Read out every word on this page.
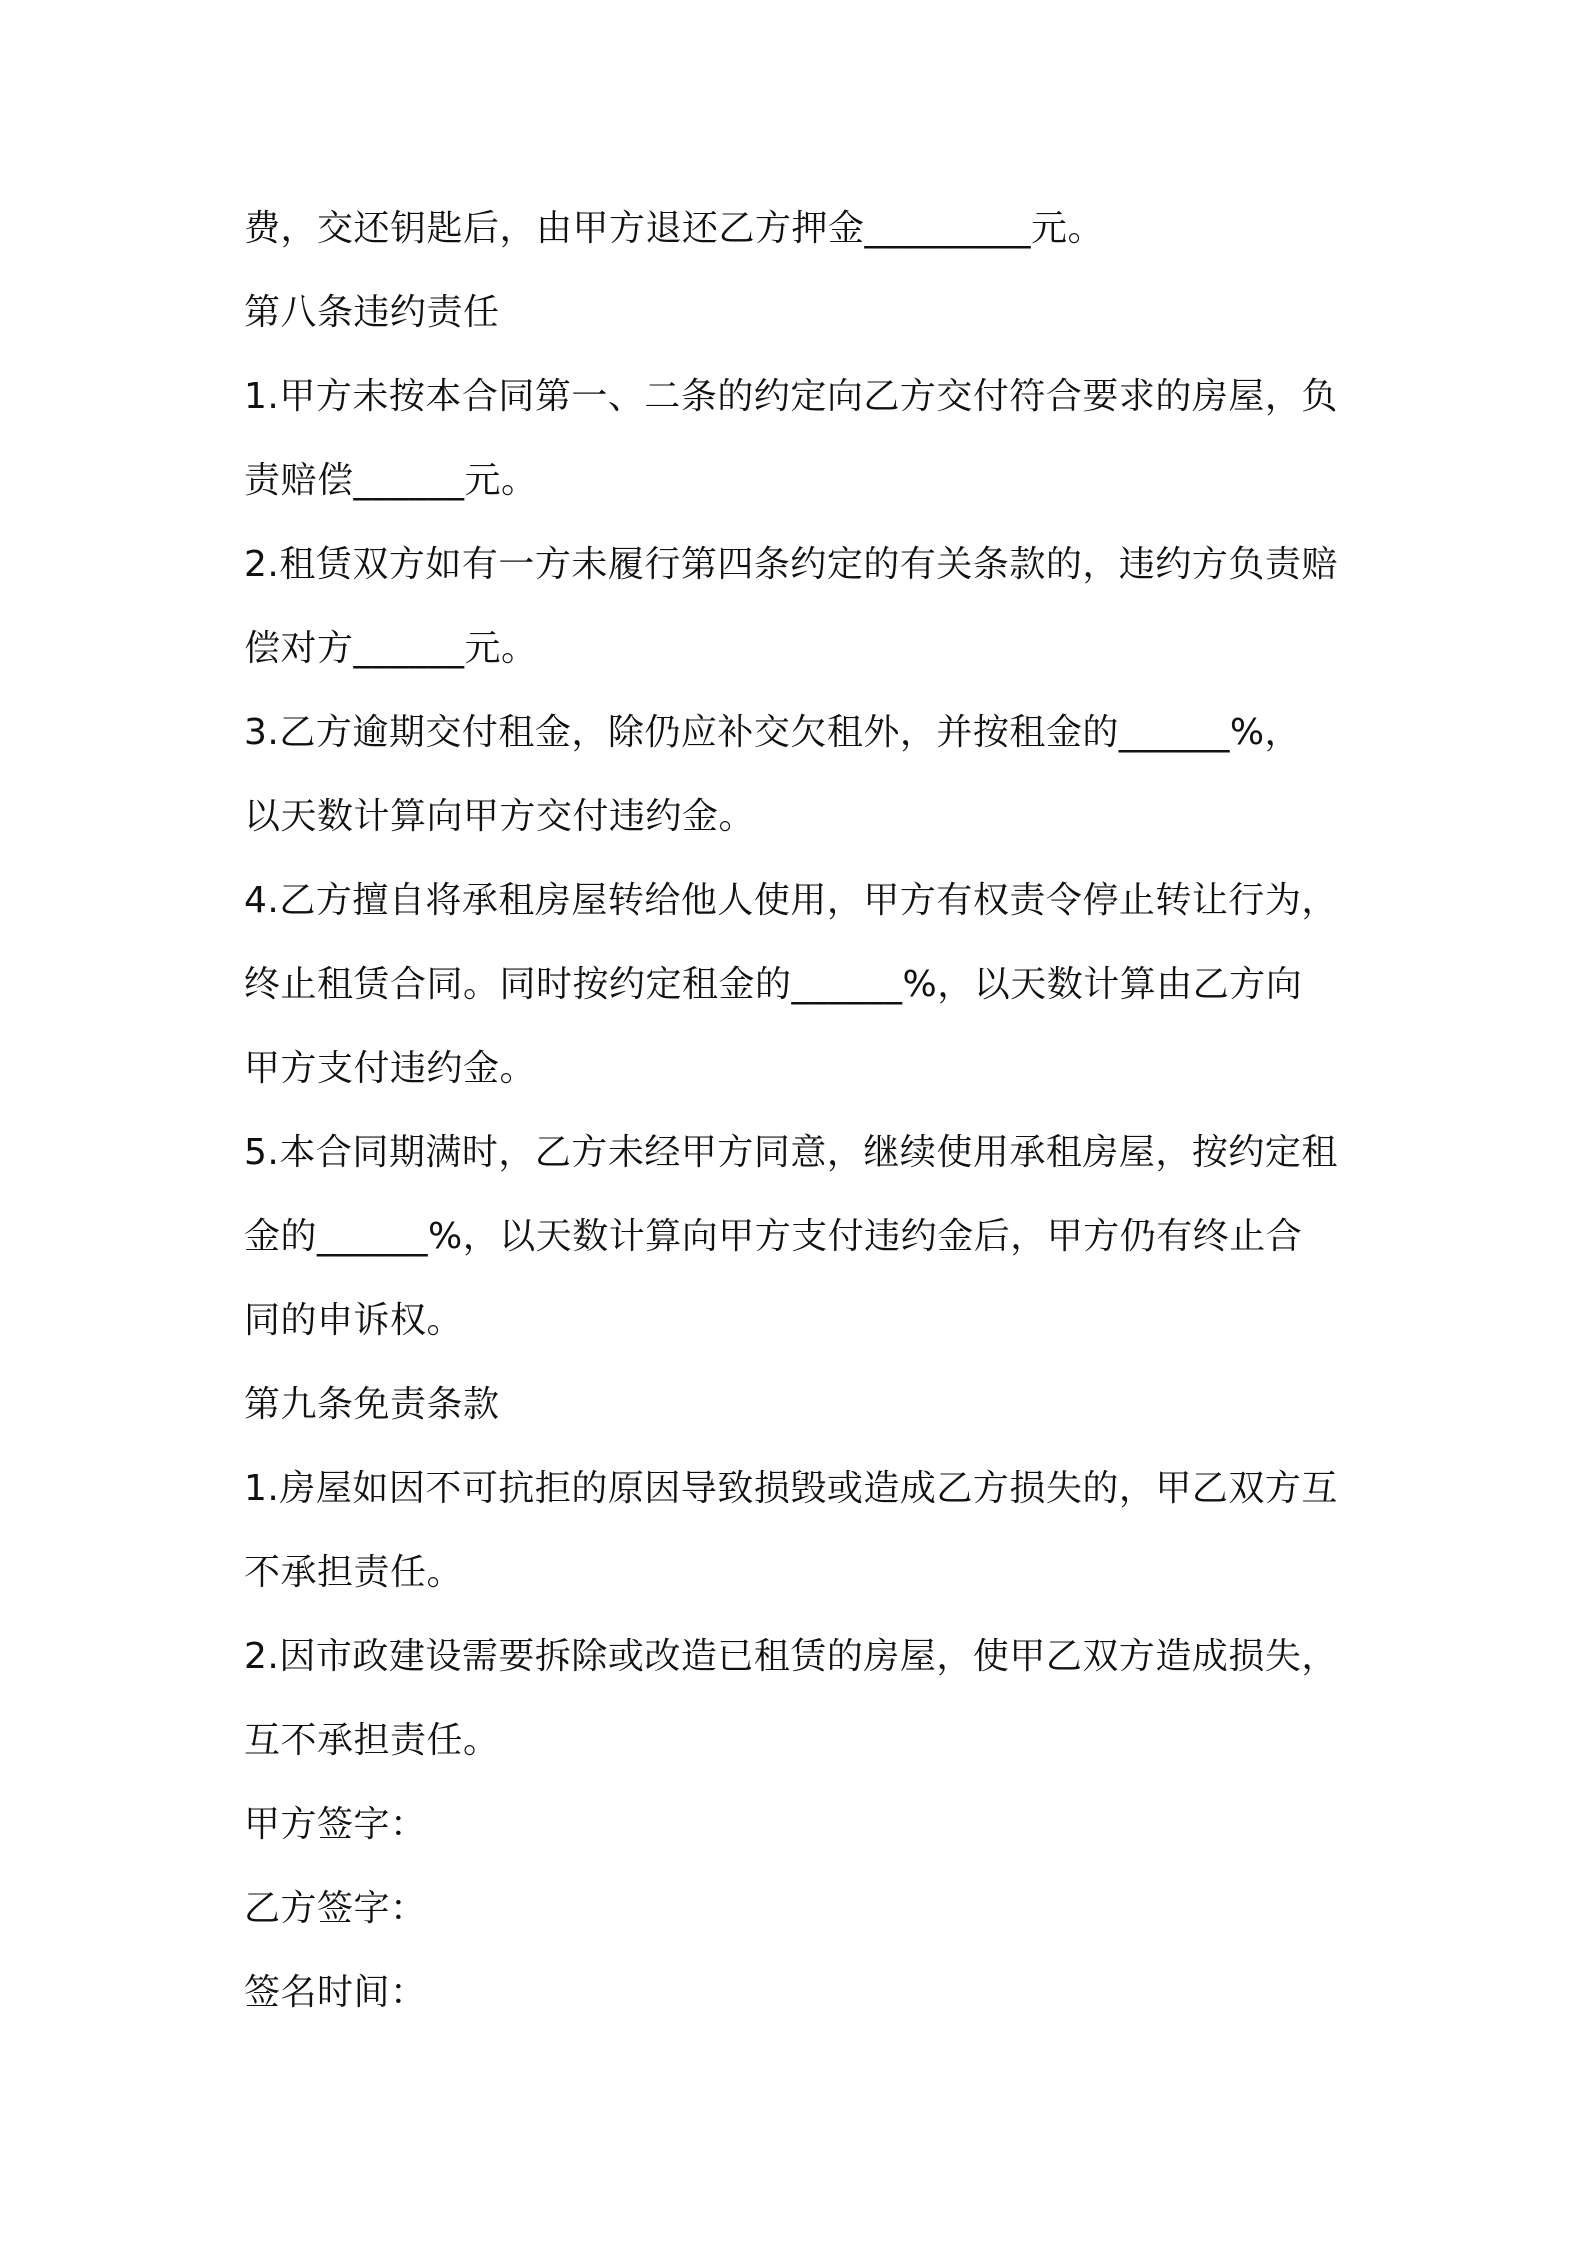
费，交还钥匙后，由甲方退还乙方押金_________元。

第八条违约责任

1.甲方未按本合同第一、二条的约定向乙方交付符合要求的房屋，负

责赔偿______元。

2.租赁双方如有一方未履行第四条约定的有关条款的，违约方负责赔

偿对方______元。

3.乙方逾期交付租金，除仍应补交欠租外，并按租金的______%，

以天数计算向甲方交付违约金。

4.乙方擅自将承租房屋转给他人使用，甲方有权责令停止转让行为，

终止租赁合同。同时按约定租金的______%，以天数计算由乙方向

甲方支付违约金。

5.本合同期满时，乙方未经甲方同意，继续使用承租房屋，按约定租

金的______%，以天数计算向甲方支付违约金后，甲方仍有终止合

同的申诉权。

第九条免责条款

1.房屋如因不可抗拒的原因导致损毁或造成乙方损失的，甲乙双方互

不承担责任。

2.因市政建设需要拆除或改造已租赁的房屋，使甲乙双方造成损失，

互不承担责任。

甲方签字：

乙方签字：

签名时间：
